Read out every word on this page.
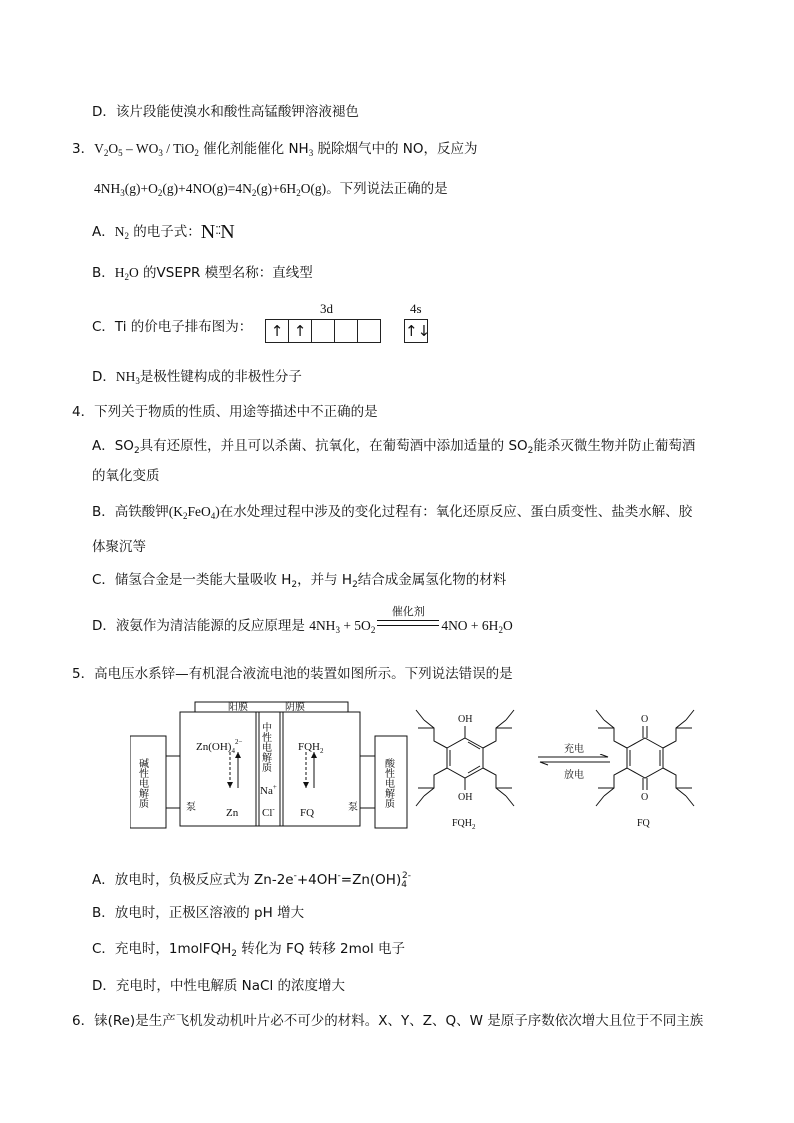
D．该片段能使溴水和酸性高锰酸钾溶液褪色
3．$V_2O_5 - WO_3 / TiO_2$ 催化剂能催化 $NH_3$ 脱除烟气中的 NO，反应为
$4NH_3(g)+O_2(g)+4NO(g)=4N_2(g)+6H_2O(g)$。下列说法正确的是
A．$N_2$ 的电子式：N⁚⁚N
B．$H_2O$ 的VSEPR 模型名称：直线型
C．Ti 的价电子排布图为：
3d	4s
↑ ↑	↑↓
D．$NH_3$是极性键构成的非极性分子
4．下列关于物质的性质、用途等描述中不正确的是
A．$SO_2$具有还原性，并且可以杀菌、抗氧化，在葡萄酒中添加适量的 $SO_2$能杀灭微生物并防止葡萄酒
的氧化变质
B．高铁酸钾$(K_2FeO_4)$在水处理过程中涉及的变化过程有：氧化还原反应、蛋白质变性、盐类水解、胶
体聚沉等
C．储氢合金是一类能大量吸收 $H_2$，并与 $H_2$结合成金属氢化物的材料
D．液氨作为清洁能源的反应原理是 $4NH_3 + 5O_2$
催化剂
$4NO + 6H_2O$
5．高电压水系锌—有机混合液流电池的装置如图所示。下列说法错误的是
阳膜	阴膜
泵	泵
碱性电解质	酸性电解质
中性电解质
$Zn(OH)_4^{2-}$
Zn
$FQH_2$
FQ
Na+
Cl-
OH
OH
$FQH_2$
充电
放电
O
O
FQ
A．放电时，负极反应式为 $Zn-2e^-+4OH^-=Zn(OH)_4^{2-}$
B．放电时，正极区溶液的 pH 增大
C．充电时，1molFQH$_2$ 转化为 FQ 转移 2mol 电子
D．充电时，中性电解质 NaCl 的浓度增大
6．铼(Re)是生产飞机发动机叶片必不可少的材料。X、Y、Z、Q、W 是原子序数依次增大且位于不同主族
